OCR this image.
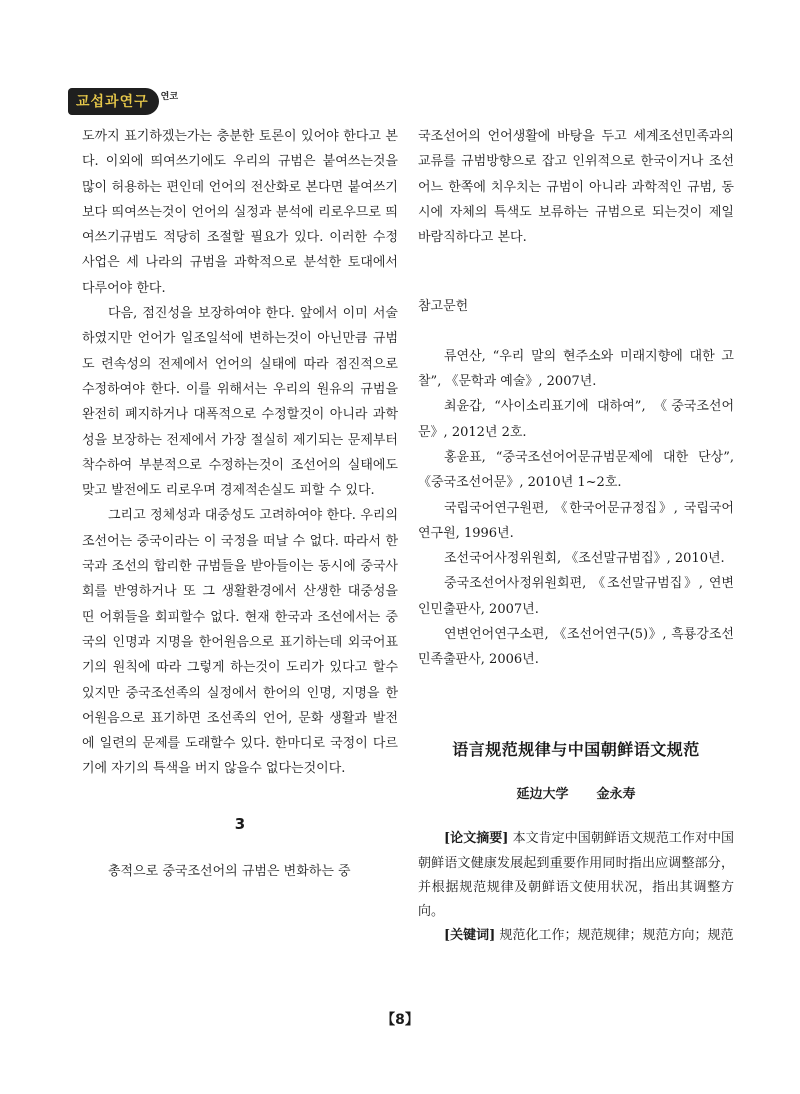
교섭과연구	연코

도까지 표기하겠는가는 충분한 토론이 있어야 한다고 본다. 이외에 띄여쓰기에도 우리의 규범은 붙여쓰는것을 많이 허용하는 편인데 언어의 전산화로 본다면 붙여쓰기보다 띄여쓰는것이 언어의 실정과 분석에 리로우므로 띄여쓰기규범도 적당히 조절할 필요가 있다. 이러한 수정사업은 세 나라의 규범을 과학적으로 분석한 토대에서 다루어야 한다.

다음, 점진성을 보장하여야 한다. 앞에서 이미 서술하였지만 언어가 일조일석에 변하는것이 아닌만큼 규범도 련속성의 전제에서 언어의 실태에 따라 점진적으로 수정하여야 한다. 이를 위해서는 우리의 원유의 규범을 완전히 폐지하거나 대폭적으로 수정할것이 아니라 과학성을 보장하는 전제에서 가장 절실히 제기되는 문제부터 착수하여 부분적으로 수정하는것이 조선어의 실태에도 맞고 발전에도 리로우며 경제적손실도 피할 수 있다.

그리고 정체성과 대중성도 고려하여야 한다. 우리의 조선어는 중국이라는 이 국정을 떠날 수 없다. 따라서 한국과 조선의 합리한 규범들을 받아들이는 동시에 중국사회를 반영하거나 또 그 생활환경에서 산생한 대중성을 띤 어휘들을 회피할수 없다. 현재 한국과 조선에서는 중국의 인명과 지명을 한어원음으로 표기하는데 외국어표기의 원칙에 따라 그렇게 하는것이 도리가 있다고 할수 있지만 중국조선족의 실정에서 한어의 인명, 지명을 한어원음으로 표기하면 조선족의 언어, 문화 생활과 발전에 일련의 문제를 도래할수 있다. 한마디로 국정이 다르기에 자기의 특색을 버지 않을수 없다는것이다.

3

총적으로 중국조선어의 규범은 변화하는 중

국조선어의 언어생활에 바탕을 두고 세계조선민족과의 교류를 규범방향으로 잡고 인위적으로 한국이거나 조선 어느 한쪽에 치우치는 규범이 아니라 과학적인 규범, 동시에 자체의 특색도 보류하는 규범으로 되는것이 제일 바람직하다고 본다.

참고문헌

류연산, “우리 말의 현주소와 미래지향에 대한 고찰”, 《문학과 예술》, 2007년.

최윤갑, “사이소리표기에 대하여”, 《중국조선어문》, 2012년 2호.

홍윤표, “중국조선어어문규범문제에 대한 단상”, 《중국조선어문》, 2010년 1~2호.

국립국어연구원편, 《한국어문규정집》, 국립국어연구원, 1996년.

조선국어사정위원회, 《조선말규범집》, 2010년.

중국조선어사정위원회편, 《조선말규범집》, 연변인민출판사, 2007년.

연변언어연구소편, 《조선어연구(5)》, 흑룡강조선민족출판사, 2006년.

语言规范规律与中国朝鲜语文规范
延边大学 金永寿

[论文摘要] 本文肯定中国朝鲜语文规范工作对中国朝鲜语文健康发展起到重要作用同时指出应调整部分，并根据规范规律及朝鲜语文使用状况，指出其调整方向。

[关键词] 规范化工作；规范规律；规范方向；规范

【8】
